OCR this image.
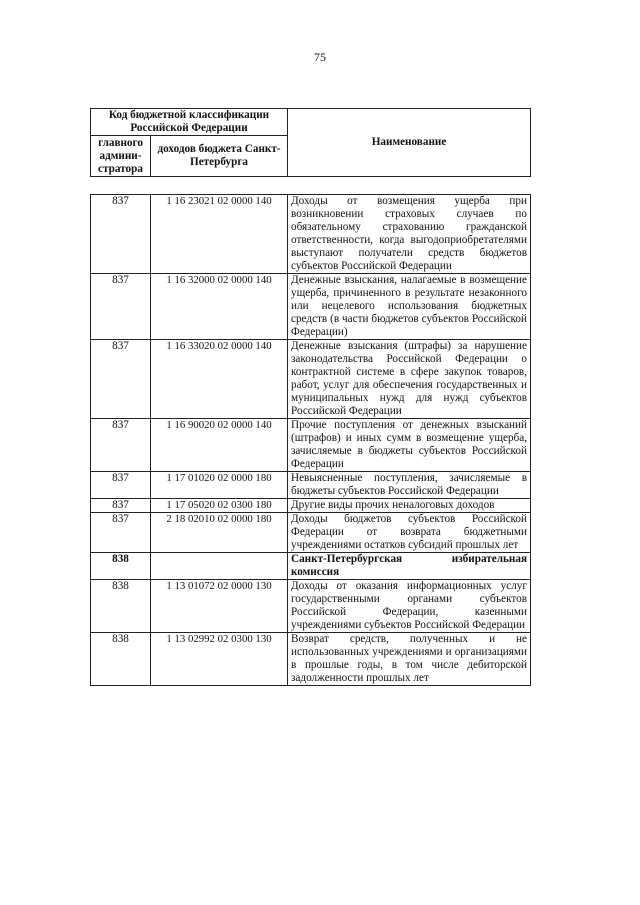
75
Код бюджетной классификации Российской Федерации		Наименование
главного админи-стратора	доходов бюджета Санкт-Петербурга	
837	1 16 23021 02 0000 140	Доходы от возмещения ущерба при возникновении страховых случаев по обязательному страхованию гражданской ответственности, когда выгодоприобретателями выступают получатели средств бюджетов субъектов Российской Федерации
837	1 16 32000 02 0000 140	Денежные взыскания, налагаемые в возмещение ущерба, причиненного в результате незаконного или нецелевого использования бюджетных средств (в части бюджетов субъектов Российской Федерации)
837	1 16 33020 02 0000 140	Денежные взыскания (штрафы) за нарушение законодательства Российской Федерации о контрактной системе в сфере закупок товаров, работ, услуг для обеспечения государственных и муниципальных нужд для нужд субъектов Российской Федерации
837	1 16 90020 02 0000 140	Прочие поступления от денежных взысканий (штрафов) и иных сумм в возмещение ущерба, зачисляемые в бюджеты субъектов Российской Федерации
837	1 17 01020 02 0000 180	Невыясненные поступления, зачисляемые в бюджеты субъектов Российской Федерации
837	1 17 05020 02 0300 180	Другие виды прочих неналоговых доходов
837	2 18 02010 02 0000 180	Доходы бюджетов субъектов Российской Федерации от возврата бюджетными учреждениями остатков субсидий прошлых лет
838		Санкт-Петербургская избирательная комиссия
838	1 13 01072 02 0000 130	Доходы от оказания информационных услуг государственными органами субъектов Российской Федерации, казенными учреждениями субъектов Российской Федерации
838	1 13 02992 02 0300 130	Возврат средств, полученных и не использованных учреждениями и организациями в прошлые годы, в том числе дебиторской задолженности прошлых лет
